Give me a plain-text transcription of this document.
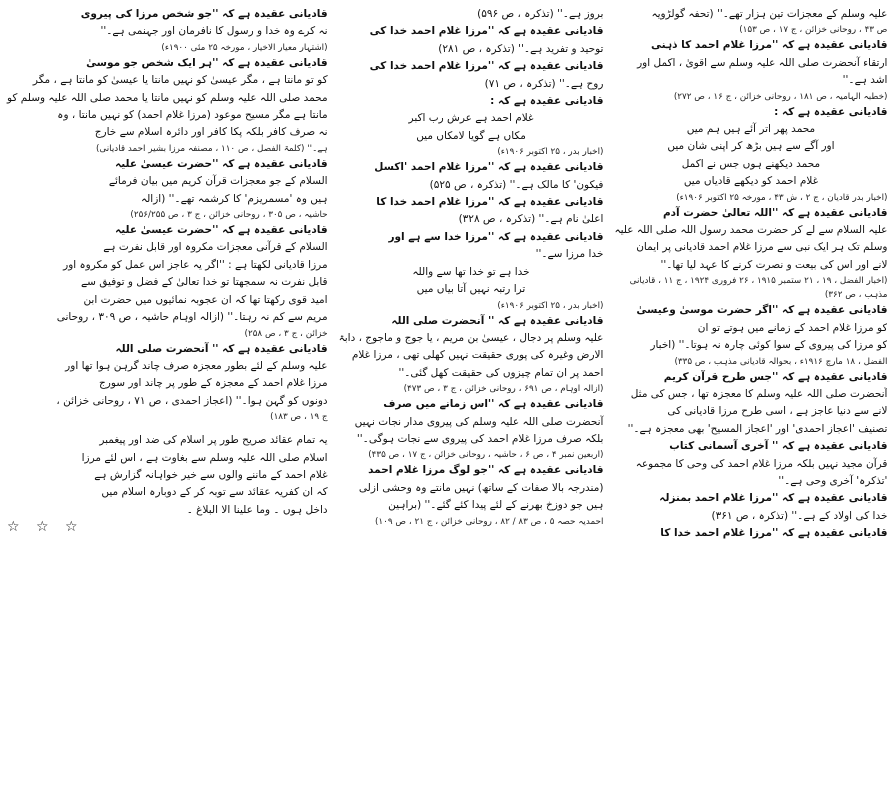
قادیانی عقیدہ ہے کہ ''جو شخص مرزا کی پیروی
نہ کرے وہ خدا و رسول کا نافرمان اور جہنمی ہے۔''
(اشتہار معیار الاخیار ، مورخہ ۲۵ مئی ۱۹۰۰ء)
قادیانی عقیدہ ہے کہ ''ہر ایک شخص جو موسیٰ
کو تو مانتا ہے ، مگر عیسیٰ کو نہیں مانتا یا عیسیٰ کو مانتا ہے ، مگر
محمد صلی اللہ علیہ وسلم کو نہیں مانتا یا محمد صلی اللہ علیہ وسلم کو
مانتا ہے مگر مسیح موعود (مرزا غلام احمد) کو نہیں مانتا ، وہ
نہ صرف کافر بلکہ پکا کافر اور دائرہ اسلام سے خارج
ہے۔'' (کلمۃ الفصل ، ص ۱۱۰ ، مصنفہ مرزا بشیر احمد قادیانی)
قادیانی عقیدہ ہے کہ ''حضرت عیسیٰ علیہ
السلام کے جو معجزات قرآن کریم میں بیان فرمائے
ہیں وہ 'مسمریزم' کا کرشمہ تھے۔'' (ازالہ
حاشیہ ، ص ۳۰۵ ، روحانی خزائن ، ج ۳ ، ص ۲۵۶/۲۵۵)
قادیانی عقیدہ ہے کہ ''حضرت عیسیٰ علیہ
السلام کے قرآنی معجزات مکروہ اور قابل نفرت ہے
مرزا قادیانی لکھتا ہے : ''اگر یہ عاجز اس عمل کو مکروہ اور
قابل نفرت نہ سمجھتا تو خدا تعالیٰ کے فضل و توفیق سے
امید قوی رکھتا تھا کہ ان عجوبہ نمائیوں میں حضرت ابن
مریم سے کم نہ رہتا۔'' (ازالہ اوہام حاشیہ ، ص ۳۰۹ ، روحانی
خزائن ، ج ۳ ، ص ۲۵۸)
قادیانی عقیدہ ہے کہ '' آنحضرت صلی اللہ
علیہ وسلم کے لئے بطور معجزہ صرف چاند گرہن ہوا تھا اور
مرزا غلام احمد کے معجزہ کے طور پر چاند اور سورج
دونوں کو گہن ہوا۔'' (اعجاز احمدی ، ص ۷۱ ، روحانی خزائن ،
ج ۱۹ ، ص ۱۸۳)
یہ تمام عقائد صریح طور پر اسلام کی ضد اور پیغمبر
اسلام صلی اللہ علیہ وسلم سے بغاوت ہے ، اس لئے مرزا
غلام احمد کے ماننے والوں سے خیر خواہانہ گزارش ہے
کہ ان کفریہ عقائد سے توبہ کر کے دوبارہ اسلام میں
داخل ہوں ۔ وما علینا الا البلاغ ۔
☆ ☆ ☆
بروز ہے۔'' (تذکرہ ، ص ۵۹۶)
قادیانی عقیدہ ہے کہ ''مرزا غلام احمد خدا کی
توحید و تفرید ہے۔'' (تذکرہ ، ص ۲۸۱)
قادیانی عقیدہ ہے کہ ''مرزا غلام احمد خدا کی
روح ہے۔'' (تذکرہ ، ص ۷۱)
قادیانی عقیدہ ہے کہ :
غلام احمد ہے عرش رب اکبر
مکاں ہے گویا لامکاں میں
(اخبار بدر ، ۲۵ اکتوبر ۱۹۰۶ء)
قادیانی عقیدہ ہے کہ ''مرزا غلام احمد 'اکسل
فیکون' کا مالک ہے۔'' (تذکرہ ، ص ۵۲۵)
قادیانی عقیدہ ہے کہ ''مرزا غلام احمد خدا کا
اعلیٰ نام ہے۔'' (تذکرہ ، ص ۳۲۸)
قادیانی عقیدہ ہے کہ ''مرزا خدا سے ہے اور
خدا مرزا سے۔''
خدا ہے تو خدا تھا سے واللہ
ترا رتبہ نہیں آتا بیاں میں
(اخبار بدر ، ۲۵ اکتوبر ۱۹۰۶ء)
قادیانی عقیدہ ہے کہ '' آنحضرت صلی اللہ
علیہ وسلم پر دجال ، عیسیٰ بن مریم ، یا جوج و ماجوج ، دابۃ
الارض وغیرہ کی پوری حقیقت نہیں کھلی تھی ، مرزا غلام
احمد پر ان تمام چیزوں کی حقیقت کھل گئی۔''
(ازالہ اوہام ، ص ۶۹۱ ، روحانی خزائن ، ج ۳ ، ص ۴۷۳)
قادیانی عقیدہ ہے کہ ''اس زمانے میں صرف
آنحضرت صلی اللہ علیہ وسلم کی پیروی مدار نجات نہیں
بلکہ صرف مرزا غلام احمد کی پیروی سے نجات ہوگی۔''
(اربعین نمبر ۴ ، ص ۶ ، حاشیہ ، روحانی خزائن ، ج ۱۷ ، ص ۴۳۵)
قادیانی عقیدہ ہے کہ ''جو لوگ مرزا غلام احمد
(مندرجہ بالا صفات کے ساتھ) نہیں مانتے وہ وحشی ازلی
ہیں جو دوزخ بھرنے کے لئے پیدا کئے گئے۔'' (براہین
احمدیہ حصہ ۵ ، ص ۸۳ / ۸۲ ، روحانی خزائن ، ج ۲۱ ، ص ۱۰۹)
علیہ وسلم کے معجزات تین ہزار تھے۔'' (تحفہ گولڑویہ
ص ۴۳ ، روحانی خزائن ، ج ۱۷ ، ص ۱۵۳)
قادیانی عقیدہ ہے کہ ''مرزا غلام احمد کا ذہنی
ارتقاء آنحضرت صلی اللہ علیہ وسلم سے اقویٰ ، اکمل اور
اشد ہے۔''
(خطبہ الہامیہ ، ص ۱۸۱ ، روحانی خزائن ، ج ۱۶ ، ص ۲۷۲)
قادیانی عقیدہ ہے کہ :
محمد پھر اتر آئے ہیں ہم میں
اور آگے سے ہیں بڑھ کر اپنی شان میں
محمد دیکھنے ہوں جس نے اکمل
غلام احمد کو دیکھے قادیاں میں
(اخبار بدر قادیان ، ج ۲ ، ش ۴۳ ، مورخہ ۲۵ اکتوبر ۱۹۰۶ء)
قادیانی عقیدہ ہے کہ ''اللہ تعالیٰ حضرت آدم
علیہ السلام سے لے کر حضرت محمد رسول اللہ صلی اللہ علیہ
وسلم تک ہر ایک نبی سے مرزا غلام احمد قادیانی پر ایمان
لانے اور اس کی بیعت و نصرت کرنے کا عہد لیا تھا۔''
(اخبار الفضل ، ۱۹ ، ۲۱ ستمبر ۱۹۱۵ ، ۲۶ فروری ۱۹۲۴ ، ج ۱۱ ، قادیانی
مذہب ، ص ۳۶۲)
قادیانی عقیدہ ہے کہ ''اگر حضرت موسیٰ وعیسیٰ
کو مرزا غلام احمد کے زمانے میں ہوتے تو ان
کو مرزا کی پیروی کے سوا کوئی چارہ نہ ہوتا۔'' (اخبار
الفضل ، ۱۸ مارچ ۱۹۱۶ء ، بحوالہ قادیانی مذہب ، ص ۳۳۵)
قادیانی عقیدہ ہے کہ ''جس طرح قرآن کریم
آنحضرت صلی اللہ علیہ وسلم کا معجزہ تھا ، جس کی مثل
لانے سے دنیا عاجز ہے ، اسی طرح مرزا قادیانی کی
تصنیف 'اعجاز احمدی' اور 'اعجاز المسیح' بھی معجزہ ہے۔''
قادیانی عقیدہ ہے کہ '' آخری آسمانی کتاب
قرآن مجید نہیں بلکہ مرزا غلام احمد کی وحی کا مجموعہ
'تذکرہ' آخری وحی ہے۔''
قادیانی عقیدہ ہے کہ ''مرزا غلام احمد بمنزلہ
خدا کی اولاد کے ہے۔'' (تذکرہ ، ص ۳۶۱)
قادیانی عقیدہ ہے کہ ''مرزا غلام احمد خدا کا
